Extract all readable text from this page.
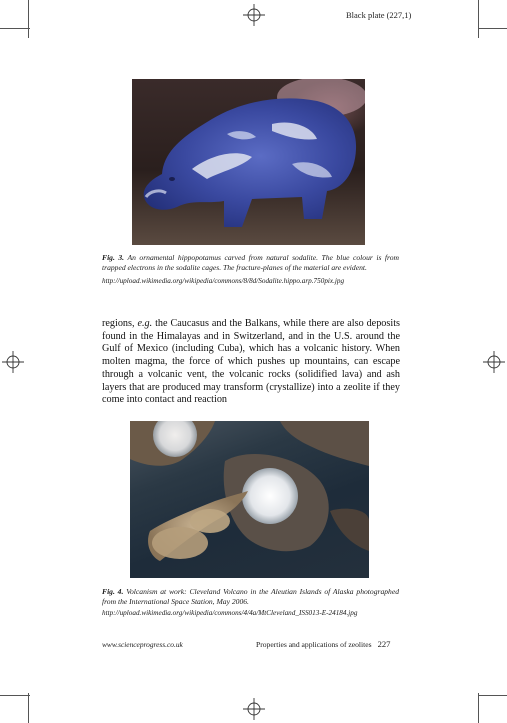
Black plate (227,1)
Fig. 3. An ornamental hippopotamus carved from natural sodalite. The blue colour is from trapped electrons in the sodalite cages. The fracture-planes of the material are evident.
http://upload.wikimedia.org/wikipedia/commons/8/8d/Sodalite.hippo.arp.750pix.jpg
regions, e.g. the Caucasus and the Balkans, while there are also deposits found in the Himalayas and in Switzerland, and in the U.S. around the Gulf of Mexico (including Cuba), which has a volcanic history. When molten magma, the force of which pushes up mountains, can escape through a volcanic vent, the volcanic rocks (solidified lava) and ash layers that are produced may transform (crystallize) into a zeolite if they come into contact and reaction
Fig. 4. Volcanism at work: Cleveland Volcano in the Aleutian Islands of Alaska photographed from the International Space Station, May 2006.
http://upload.wikimedia.org/wikipedia/commons/4/4a/MtCleveland_ISS013-E-24184.jpg
www.scienceprogress.co.uk	Properties and applications of zeolites 227
